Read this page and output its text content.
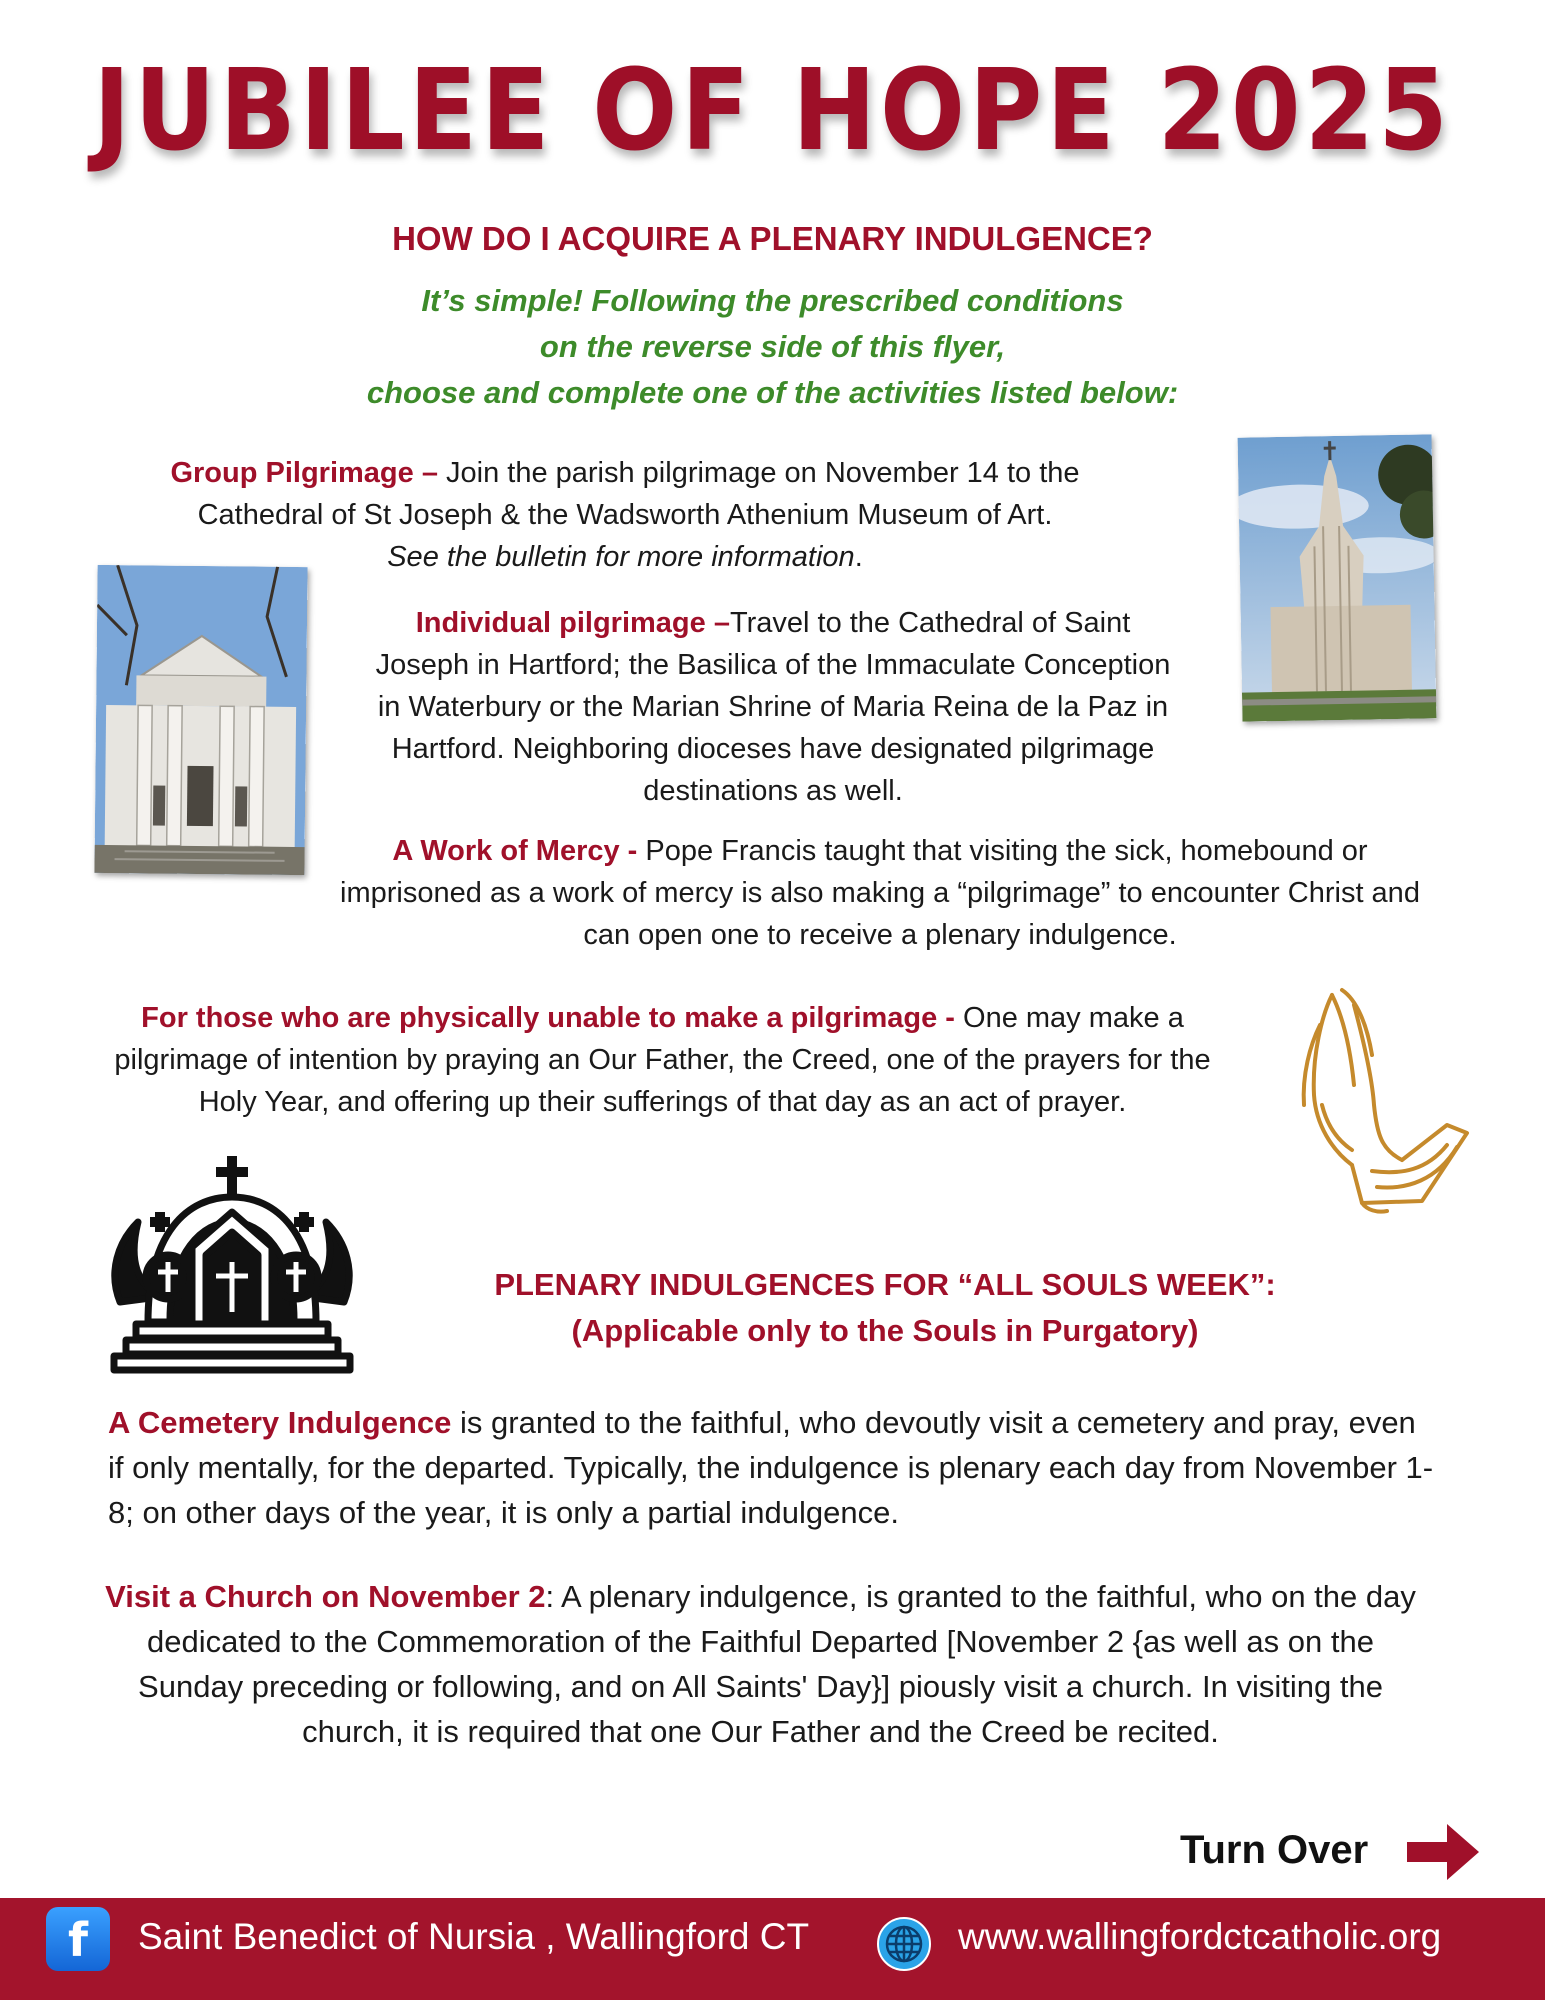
JUBILEE OF HOPE 2025
HOW DO I ACQUIRE A PLENARY INDULGENCE?
It’s simple! Following the prescribed conditions
on the reverse side of this flyer,
choose and complete one of the activities listed below:
Group Pilgrimage – Join the parish pilgrimage on November 14 to the Cathedral of St Joseph & the Wadsworth Athenium Museum of Art.
See the bulletin for more information.
Individual pilgrimage –Travel to the Cathedral of Saint Joseph in Hartford; the Basilica of the Immaculate Conception in Waterbury or the Marian Shrine of Maria Reina de la Paz in Hartford. Neighboring dioceses have designated pilgrimage destinations as well.
A Work of Mercy - Pope Francis taught that visiting the sick, homebound or imprisoned as a work of mercy is also making a “pilgrimage” to encounter Christ and can open one to receive a plenary indulgence.
For those who are physically unable to make a pilgrimage - One may make a pilgrimage of intention by praying an Our Father, the Creed, one of the prayers for the Holy Year, and offering up their sufferings of that day as an act of prayer.
PLENARY INDULGENCES FOR “ALL SOULS WEEK”:
(Applicable only to the Souls in Purgatory)
A Cemetery Indulgence is granted to the faithful, who devoutly visit a cemetery and pray, even if only mentally, for the departed. Typically, the indulgence is plenary each day from November 1-8; on other days of the year, it is only a partial indulgence.
Visit a Church on November 2: A plenary indulgence, is granted to the faithful, who on the day dedicated to the Commemoration of the Faithful Departed [November 2 {as well as on the Sunday preceding or following, and on All Saints' Day}] piously visit a church. In visiting the church, it is required that one Our Father and the Creed be recited.
Turn Over
f	Saint Benedict of Nursia , Wallingford CT	www.wallingfordctcatholic.org
